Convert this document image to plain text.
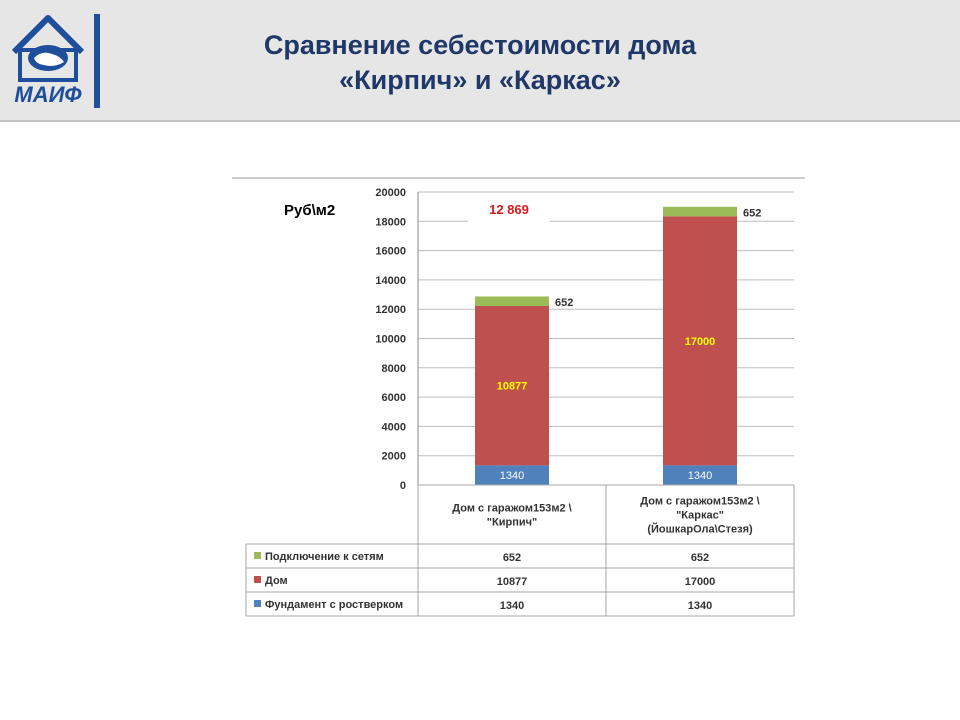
МАИФ
Сравнение себестоимости дома
«Кирпич» и «Каркас»
0
2000
4000
6000
8000
10000
12000
14000
16000
18000
20000
1340
10877
652
1340
17000
652
Дом с гаражом153м2 \
"Кирпич"
Дом с гаражом153м2 \
"Каркас"
(ЙошкарОла\Стезя)
Подключение к сетям	652	652
Дом	10877	17000
Фундамент с ростверком	1340	1340
Руб\м2	12 869
